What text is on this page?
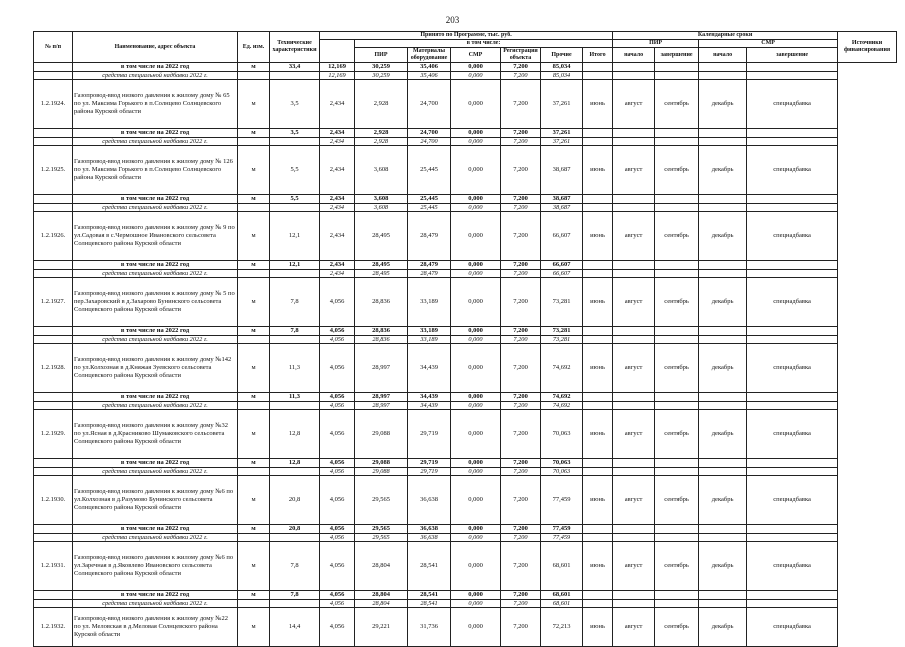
203
№ п/п	Наименование, адрес объекта	Ед. изм.	Технические характеристики	Принято по Программе, тыс. руб.							Календарные сроки				Источники финансирования
					в том числе:						ПИР		СМР		
					ПИР	Материалы оборудование	СМР	Регистрация объекта	Прочие	Итого	начало	завершение	начало	завершение	
	в том числе на 2022 год	м	33,4	12,169	30,259	35,406	0,000	7,200	85,034						
	средства специальной надбавки 2022 г.			12,169	30,259	35,406	0,000	7,200	85,034						
1.2.1924.	Газопровод-ввод низкого давления к жилому дому № 65 по ул. Максима Горького в п.Солнцево Солнцевского района Курской области	м	3,5	2,434	2,928	24,700	0,000	7,200	37,261	июнь	август	сентябрь	декабрь	спецнадбавка	
	в том числе на 2022 год	м	3,5	2,434	2,928	24,700	0,000	7,200	37,261						
	средства специальной надбавки 2022 г.			2,434	2,928	24,700	0,000	7,200	37,261						
1.2.1925.	Газопровод-ввод низкого давления к жилому дому № 126 по ул. Максима Горького в п.Солнцево Солнцевского района Курской области	м	5,5	2,434	3,608	25,445	0,000	7,200	38,687	июнь	август	сентябрь	декабрь	спецнадбавка	
	в том числе на 2022 год	м	5,5	2,434	3,608	25,445	0,000	7,200	38,687						
	средства специальной надбавки 2022 г.			2,434	3,608	25,445	0,000	7,200	38,687						
1.2.1926.	Газопровод-ввод низкого давления к жилому дому № 9 по ул.Садовая в с.Чермошное Ивановского сельсовета Солнцевского района Курской области	м	12,1	2,434	28,495	28,479	0,000	7,200	66,607	июнь	август	сентябрь	декабрь	спецнадбавка	
	в том числе на 2022 год	м	12,1	2,434	28,495	28,479	0,000	7,200	66,607						
	средства специальной надбавки 2022 г.			2,434	28,495	28,479	0,000	7,200	66,607						
1.2.1927.	Газопровод-ввод низкого давления к жилому дому № 5 по пер.Захаровский в д.Захарово Бунинского сельсовета Солнцевского района Курской области	м	7,8	4,056	28,836	33,189	0,000	7,200	73,281	июнь	август	сентябрь	декабрь	спецнадбавка	
	в том числе на 2022 год	м	7,8	4,056	28,836	33,189	0,000	7,200	73,281						
	средства специальной надбавки 2022 г.			4,056	28,836	33,189	0,000	7,200	73,281						
1.2.1928.	Газопровод-ввод низкого давления к жилому дому №142 по ул.Колхозная в д.Княжая Зуевского сельсовета Солнцевского района Курской области	м	11,3	4,056	28,997	34,439	0,000	7,200	74,692	июнь	август	сентябрь	декабрь	спецнадбавка	
	в том числе на 2022 год	м	11,3	4,056	28,997	34,439	0,000	7,200	74,692						
	средства специальной надбавки 2022 г.			4,056	28,997	34,439	0,000	7,200	74,692						
1.2.1929.	Газопровод-ввод низкого давления к жилому дому №32 по ул.Ясная в д.Красниково Шумаковского сельсовета Солнцевского района Курской области	м	12,8	4,056	29,088	29,719	0,000	7,200	70,063	июнь	август	сентябрь	декабрь	спецнадбавка	
	в том числе на 2022 год	м	12,8	4,056	29,088	29,719	0,000	7,200	70,063						
	средства специальной надбавки 2022 г.			4,056	29,088	29,719	0,000	7,200	70,063						
1.2.1930.	Газопровод-ввод низкого давления к жилому дому №6 по ул.Колхозная в д.Разумово Бунинского сельсовета Солнцевского района Курской области	м	20,8	4,056	29,565	36,638	0,000	7,200	77,459	июнь	август	сентябрь	декабрь	спецнадбавка	
	в том числе на 2022 год	м	20,8	4,056	29,565	36,638	0,000	7,200	77,459						
	средства специальной надбавки 2022 г.			4,056	29,565	36,638	0,000	7,200	77,459						
1.2.1931.	Газопровод-ввод низкого давления к жилому дому №6 по ул.Заречная в д.Яковлево Ивановского сельсовета Солнцевского района Курской области	м	7,8	4,056	28,804	28,541	0,000	7,200	68,601	июнь	август	сентябрь	декабрь	спецнадбавка	
	в том числе на 2022 год	м	7,8	4,056	28,804	28,541	0,000	7,200	68,601						
	средства специальной надбавки 2022 г.			4,056	28,804	28,541	0,000	7,200	68,601						
1.2.1932.	Газопровод-ввод низкого давления к жилому дому №22 по ул. Меловская в д.Меловая Солнцевского района Курской области	м	14,4	4,056	29,221	31,736	0,000	7,200	72,213	июнь	август	сентябрь	декабрь	спецнадбавка	
